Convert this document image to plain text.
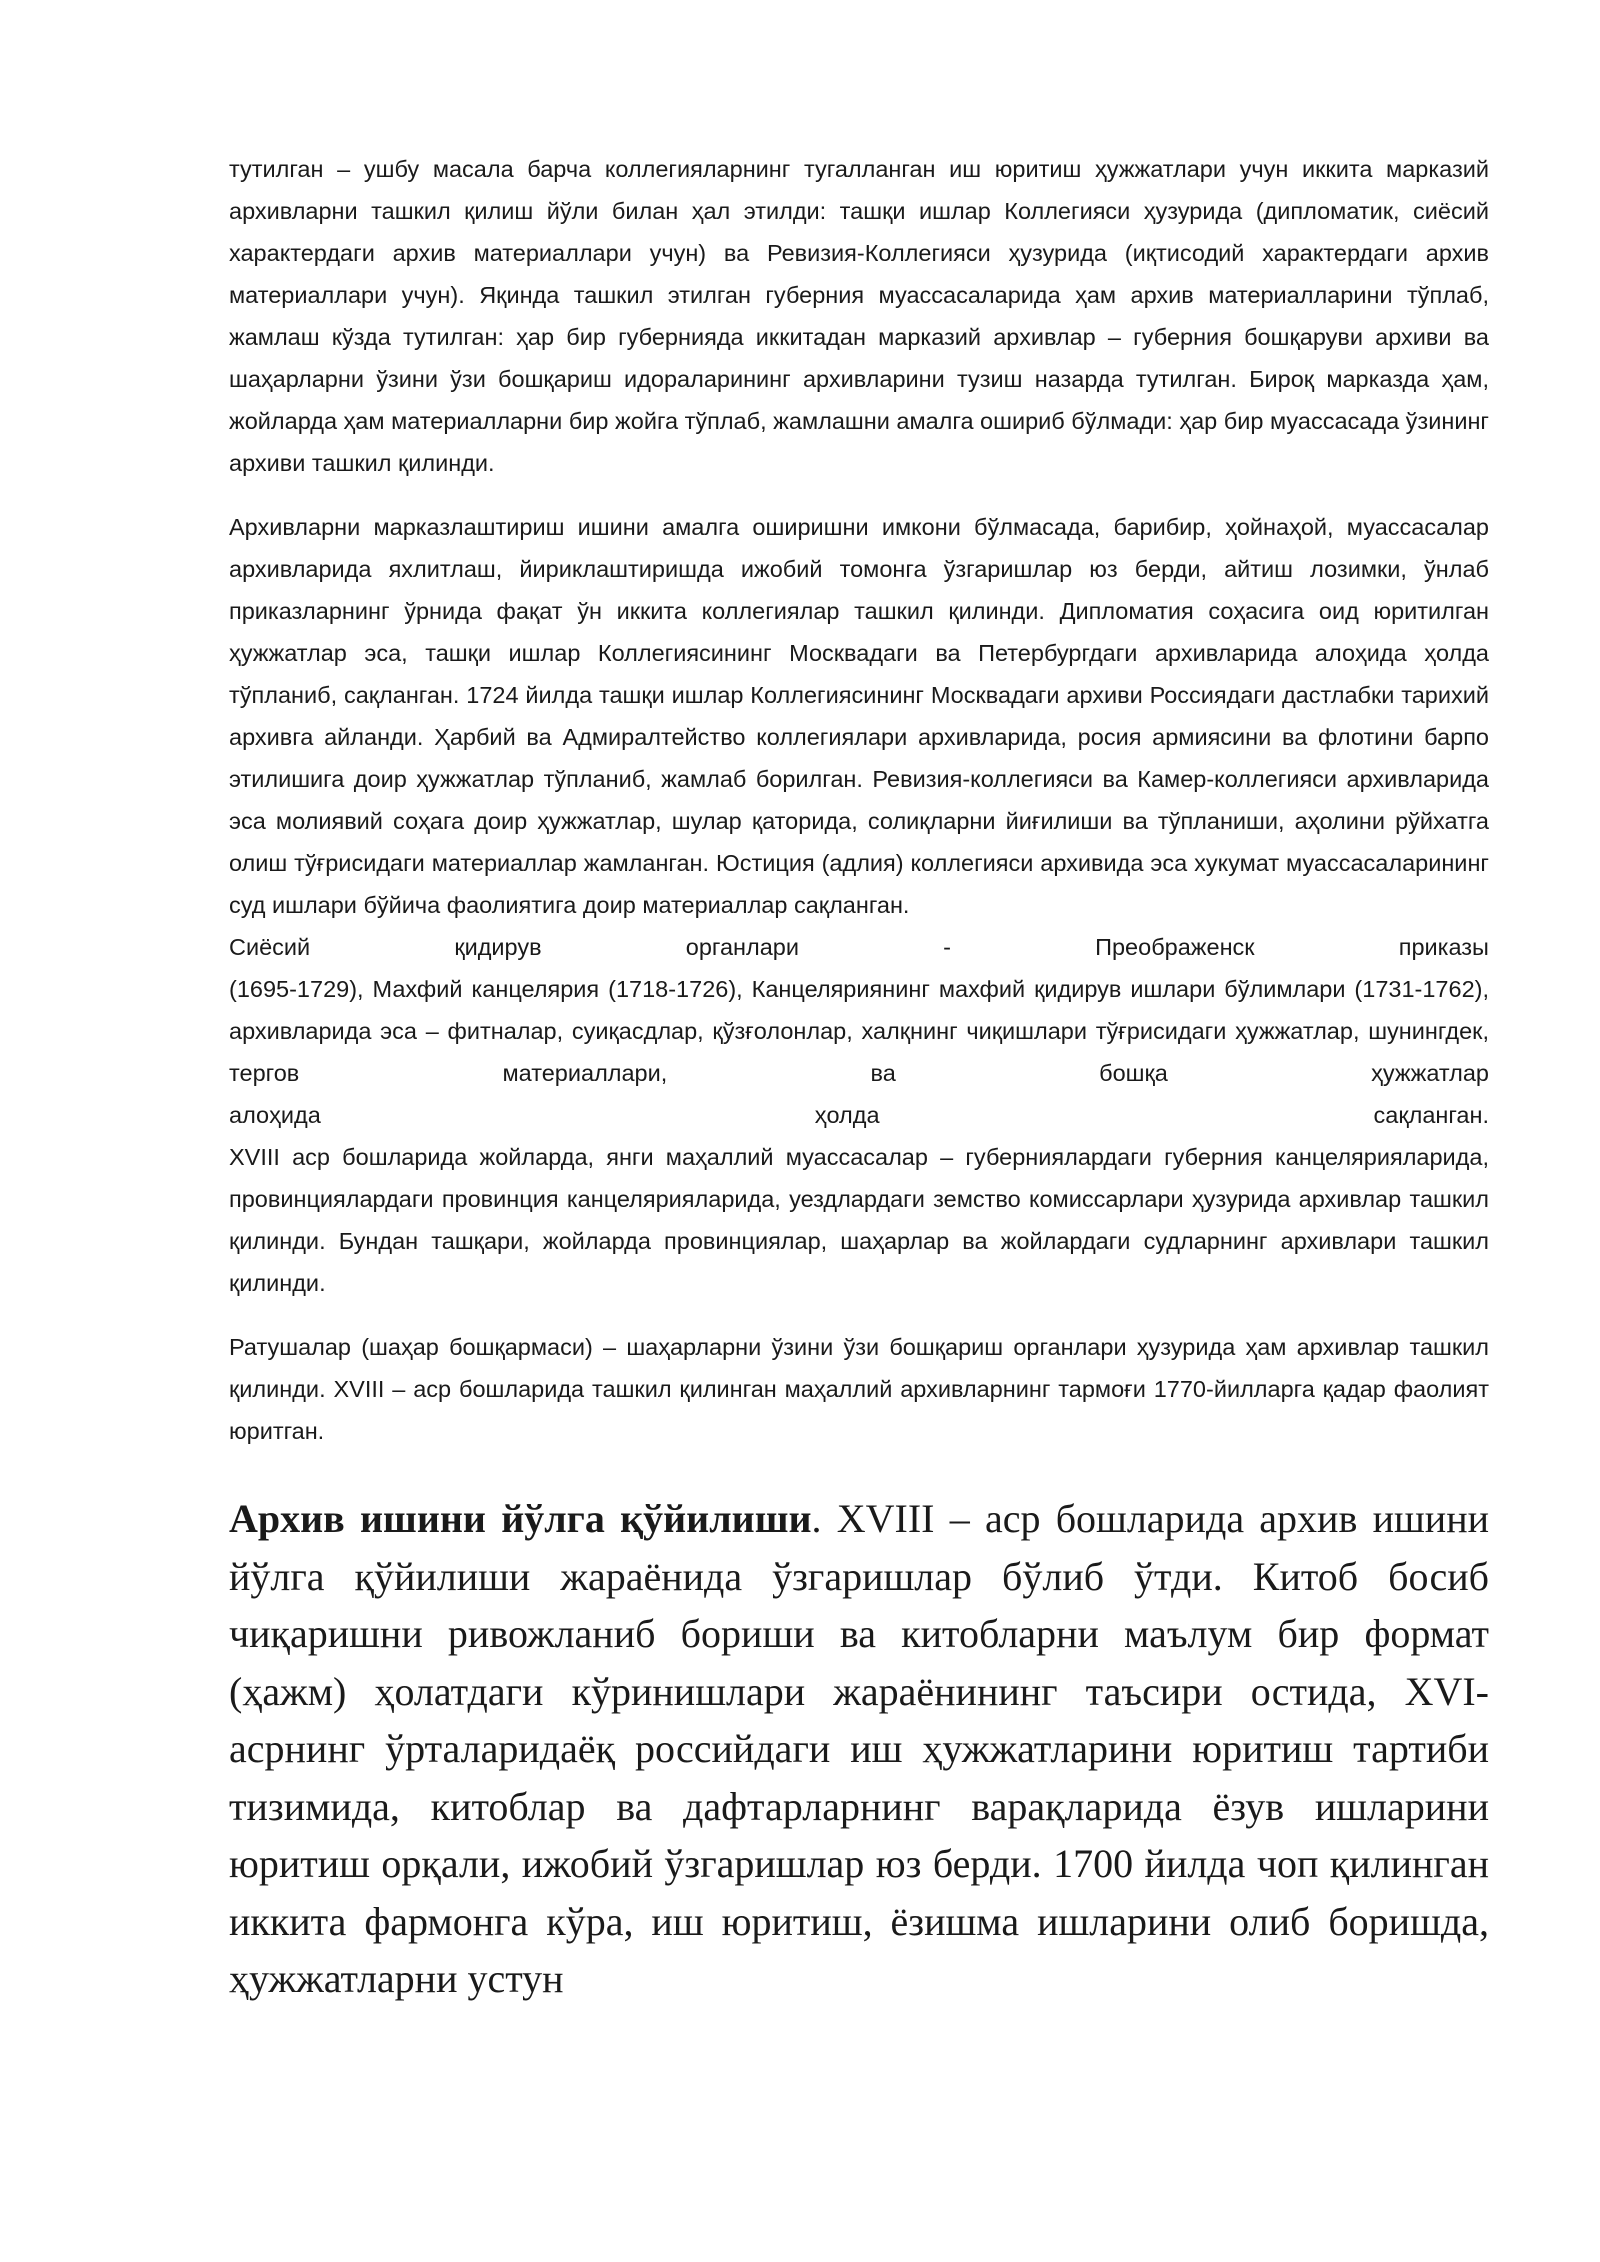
тутилган – ушбу масала барча коллегияларнинг тугалланган иш юритиш ҳужжатлари учун иккита марказий архивларни ташкил қилиш йўли билан ҳал этилди: ташқи ишлар Коллегияси ҳузурида (дипломатик, сиёсий характердаги архив материаллари учун) ва Ревизия-Коллегияси ҳузурида (иқтисодий характердаги архив материаллари учун). Яқинда ташкил этилган губерния муассасаларида ҳам архив материалларини тўплаб, жамлаш кўзда тутилган: ҳар бир губернияда иккитадан марказий архивлар – губерния бошқаруви архиви ва шаҳарларни ўзини ўзи бошқариш идораларининг архивларини тузиш назарда тутилган. Бироқ марказда ҳам, жойларда ҳам материалларни бир жойга тўплаб, жамлашни амалга ошириб бўлмади: ҳар бир муассасада ўзининг архиви ташкил қилинди.

Архивларни марказлаштириш ишини амалга оширишни имкони бўлмасада, барибир, ҳойнаҳой, муассасалар архивларида яхлитлаш, йириклаштиришда ижобий томонга ўзгаришлар юз берди, айтиш лозимки, ўнлаб приказларнинг ўрнида фақат ўн иккита коллегиялар ташкил қилинди. Дипломатия соҳасига оид юритилган ҳужжатлар эса, ташқи ишлар Коллегиясининг Москвадаги ва Петербургдаги архивларида алоҳида ҳолда тўпланиб, сақланган. 1724 йилда ташқи ишлар Коллегиясининг Москвадаги архиви Россиядаги дастлабки тарихий архивга айланди. Ҳарбий ва Адмиралтейство коллегиялари архивларида, росия армиясини ва флотини барпо этилишига доир ҳужжатлар тўпланиб, жамлаб борилган. Ревизия-коллегияси ва Камер-коллегияси архивларида эса молиявий соҳага доир ҳужжатлар, шулар қаторида, солиқларни йиғилиши ва тўпланиши, аҳолини рўйхатга олиш тўғрисидаги материаллар жамланган. Юстиция (адлия) коллегияси архивида эса хукумат муассасаларининг суд ишлари бўйича фаолиятига доир материаллар сақланган.
Сиёсий	қидирув	органлари	-	Преображенск	приказы
(1695-1729), Махфий канцелярия (1718-1726), Канцеляриянинг махфий қидирув ишлари бўлимлари (1731-1762), архивларида эса – фитналар, суиқасдлар, қўзғолонлар, халқнинг чиқишлари тўғрисидаги ҳужжатлар, шунингдек, тергов материаллари, ва бошқа ҳужжатлар
алоҳида	ҳолда	сақланган.
XVIII аср бошларида жойларда, янги маҳаллий муассасалар – губерниялардаги губерния канцелярияларида, провинциялардаги провинция канцелярияларида, уездлардаги земство комиссарлари ҳузурида архивлар ташкил қилинди. Бундан ташқари, жойларда провинциялар, шаҳарлар ва жойлардаги судларнинг архивлари ташкил қилинди.

Ратушалар (шаҳар бошқармаси) – шаҳарларни ўзини ўзи бошқариш органлари ҳузурида ҳам архивлар ташкил қилинди. XVIII – аср бошларида ташкил қилинган маҳаллий архивларнинг тармоғи 1770-йилларга қадар фаолият юритган.

Архив ишини йўлга қўйилиши. XVIII – аср бошларида архив ишини йўлга қўйилиши жараёнида ўзгаришлар бўлиб ўтди. Китоб босиб чиқаришни ривожланиб бориши ва китобларни маълум бир формат (ҳажм) ҳолатдаги кўринишлари жараёнининг таъсири остида, XVI-асрнинг ўрталаридаёқ российдаги иш ҳужжатларини юритиш тартиби тизимида, китоблар ва дафтарларнинг варақларида ёзув ишларини юритиш орқали, ижобий ўзгаришлар юз берди. 1700 йилда чоп қилинган иккита фармонга кўра, иш юритиш, ёзишма ишларини олиб боришда, ҳужжатларни устун
